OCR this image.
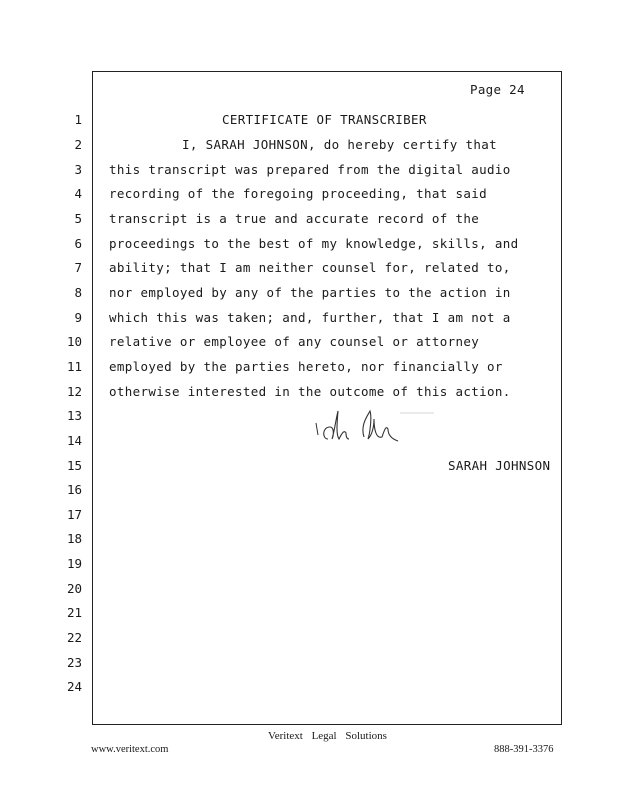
Page 24
1
2
3
4
5
6
7
8
9
10
11
12
13
14
15
16
17
18
19
20
21
22
23
24
CERTIFICATE OF TRANSCRIBER
I, SARAH JOHNSON, do hereby certify that
this transcript was prepared from the digital audio
recording of the foregoing proceeding, that said
transcript is a true and accurate record of the
proceedings to the best of my knowledge, skills, and
ability; that I am neither counsel for, related to,
nor employed by any of the parties to the action in
which this was taken; and, further, that I am not a
relative or employee of any counsel or attorney
employed by the parties hereto, nor financially or
otherwise interested in the outcome of this action.
SARAH JOHNSON
Veritext Legal Solutions
www.veritext.com	888-391-3376
